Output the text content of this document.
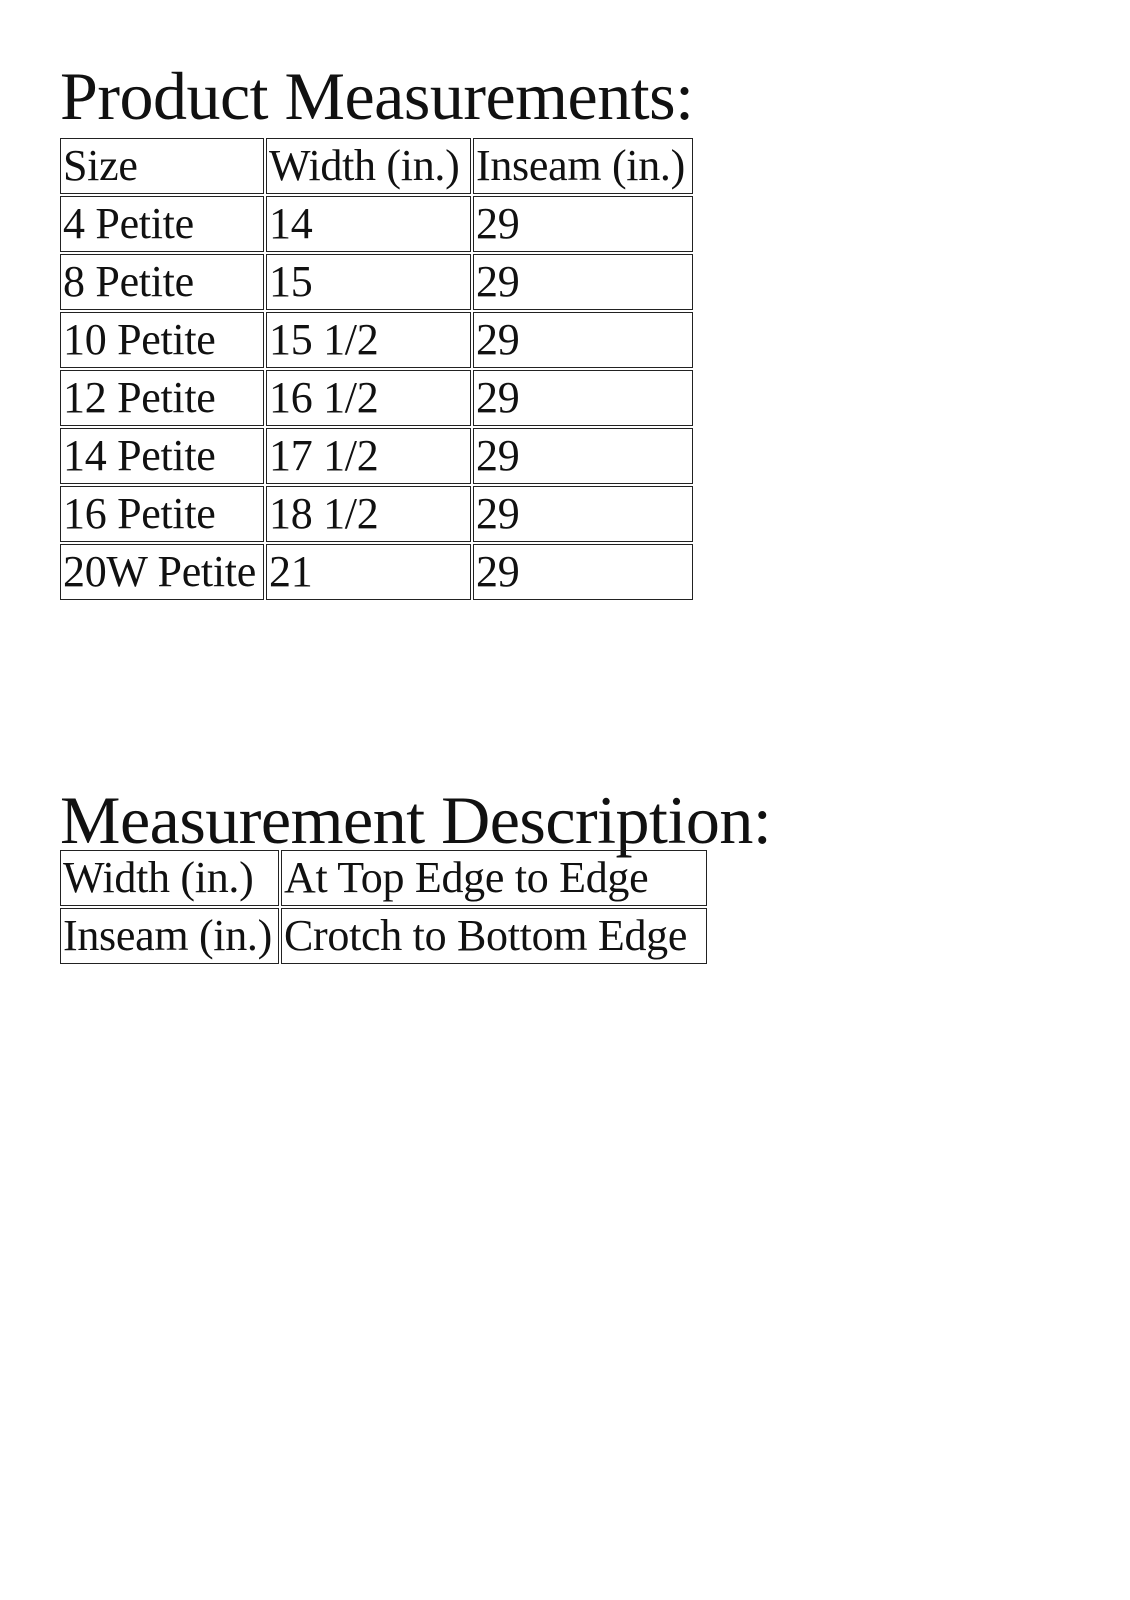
Product Measurements:
Size	Width (in.)	Inseam (in.)
4 Petite	14	29
8 Petite	15	29
10 Petite	15 1/2	29
12 Petite	16 1/2	29
14 Petite	17 1/2	29
16 Petite	18 1/2	29
20W Petite	21	29
Measurement Description:
Width (in.)	At Top Edge to Edge
Inseam (in.)	Crotch to Bottom Edge
